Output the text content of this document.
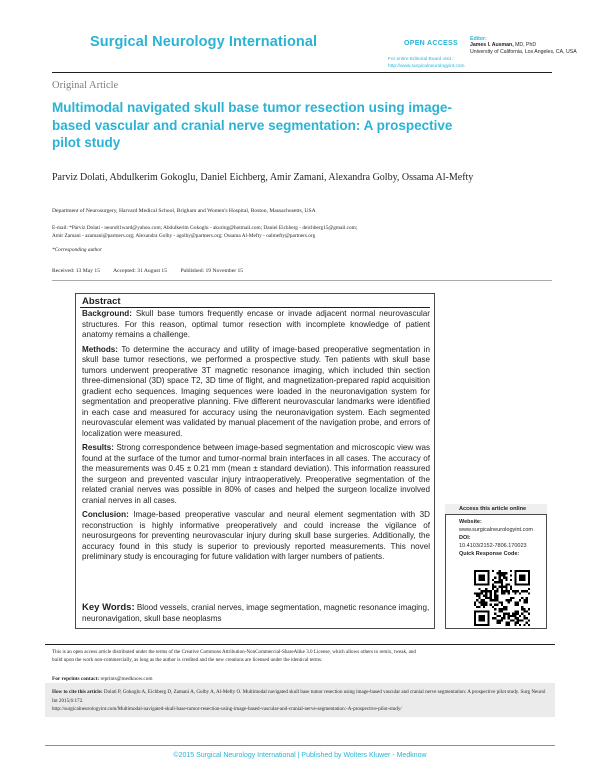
Surgical Neurology International	OPEN ACCESS
For entire Editorial Board visit :
http://www.surgicalneurologyint.com
Editor:
James I. Ausman, MD, PhD
University of California, Los Angeles, CA, USA
Original Article
Multimodal navigated skull base tumor resection using image-based vascular and cranial nerve segmentation: A prospective pilot study
Parviz Dolati, Abdulkerim Gokoglu, Daniel Eichberg, Amir Zamani, Alexandra Golby, Ossama Al-Mefty
Department of Neurosurgery, Harvard Medical School, Brigham and Women's Hospital, Boston, Massachusetts, USA
E-mail: *Parviz Dolati - neuro81ward@yahoo.com; Abdulkerim Gokoglu - akuring@hotmail.com; Daniel Eichberg - deichberg15@gmail.com;
Amir Zamani - azamani@partners.org; Alexandra Golby - agolby@partners.org; Ossama Al-Mefty - oalmefty@partners.org
*Corresponding author
Received: 13 May 15 Accepted: 31 August 15 Published: 19 November 15
Abstract

Background: Skull base tumors frequently encase or invade adjacent normal neurovascular structures. For this reason, optimal tumor resection with incomplete knowledge of patient anatomy remains a challenge.

Methods: To determine the accuracy and utility of image-based preoperative segmentation in skull base tumor resections, we performed a prospective study. Ten patients with skull base tumors underwent preoperative 3T magnetic resonance imaging, which included thin section three-dimensional (3D) space T2, 3D time of flight, and magnetization-prepared rapid acquisition gradient echo sequences. Imaging sequences were loaded in the neuronavigation system for segmentation and preoperative planning. Five different neurovascular landmarks were identified in each case and measured for accuracy using the neuronavigation system. Each segmented neurovascular element was validated by manual placement of the navigation probe, and errors of localization were measured.

Results: Strong correspondence between image-based segmentation and microscopic view was found at the surface of the tumor and tumor-normal brain interfaces in all cases. The accuracy of the measurements was 0.45 ± 0.21 mm (mean ± standard deviation). This information reassured the surgeon and prevented vascular injury intraoperatively. Preoperative segmentation of the related cranial nerves was possible in 80% of cases and helped the surgeon localize involved cranial nerves in all cases.

Conclusion: Image-based preoperative vascular and neural element segmentation with 3D reconstruction is highly informative preoperatively and could increase the vigilance of neurosurgeons for preventing neurovascular injury during skull base surgeries. Additionally, the accuracy found in this study is superior to previously reported measurements. This novel preliminary study is encouraging for future validation with larger numbers of patients.

Key Words: Blood vessels, cranial nerves, image segmentation, magnetic resonance imaging, neuronavigation, skull base neoplasms
Access this article online
Website:
www.surgicalneurologyint.com
DOI:
10.4103/2152-7806.170023
Quick Response Code:
This is an open access article distributed under the terms of the Creative Commons Attribution-NonCommercial-ShareAlike 3.0 License, which allows others to remix, tweak, and
build upon the work non-commercially, as long as the author is credited and the new creations are licensed under the identical terms.
For reprints contact: reprints@medknow.com
How to cite this article: Dolati P, Gokoglu A, Eichberg D, Zamani A, Golby A, Al-Mefty O. Multimodal navigated skull base tumor resection using image-based vascular and cranial nerve segmentation: A prospective pilot study. Surg Neurol Int 2015;6:172.
http://surgicalneurologyint.com/Multimodal-navigated-skull-base-tumor-resection-using-image-based-vascular-and-cranial-nerve-segmentation:-A-prospective-pilot-study/
©2015 Surgical Neurology International | Published by Wolters Kluwer - Medknow
